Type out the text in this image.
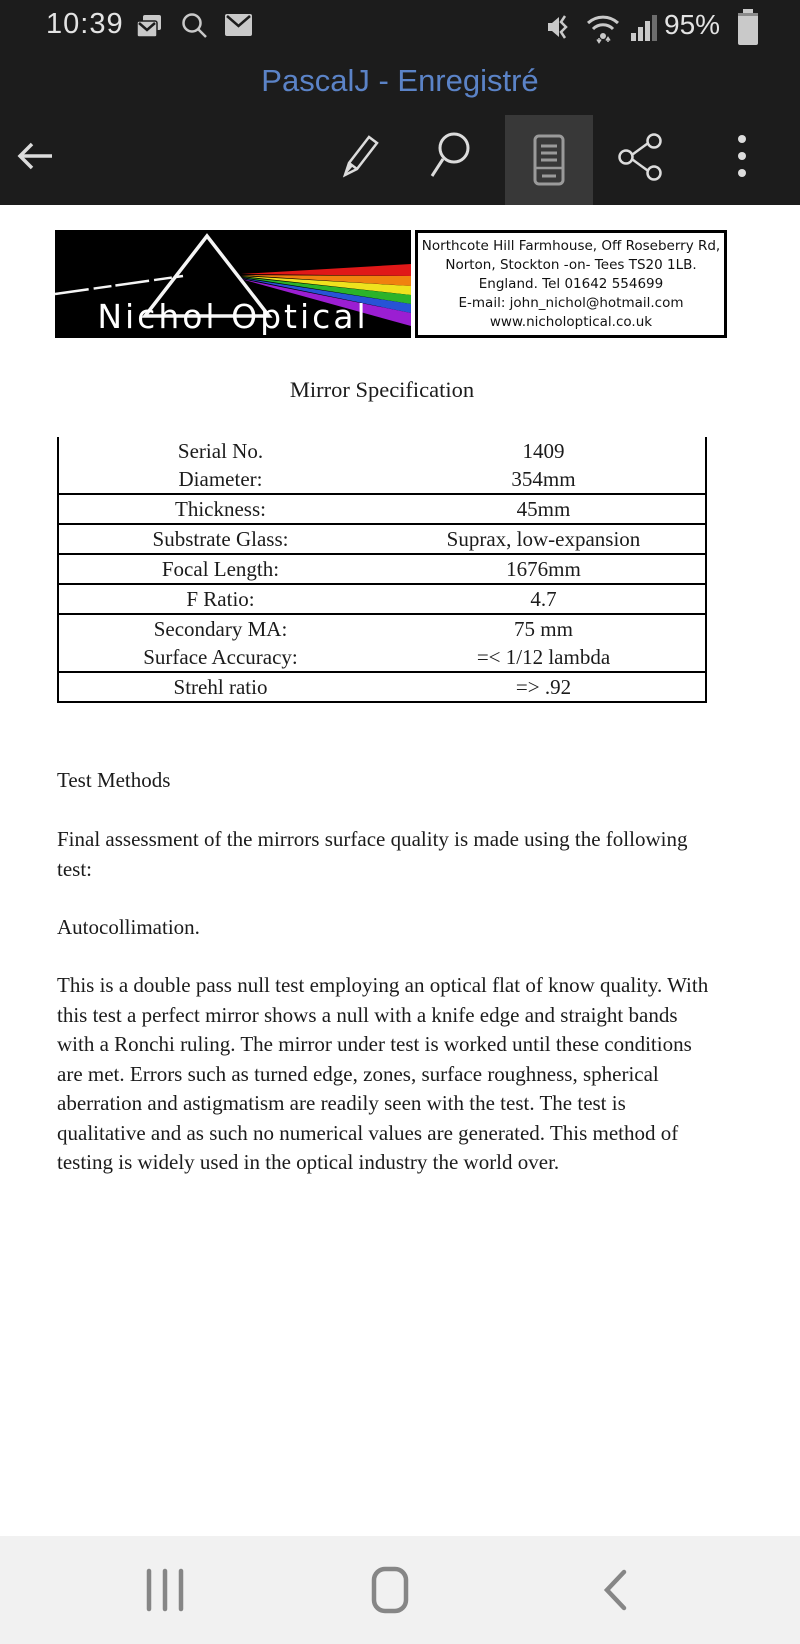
10:39	95%
PascalJ - Enregistré
Nichol Optical
Northcote Hill Farmhouse, Off Roseberry Rd,
Norton, Stockton -on- Tees TS20 1LB.
England. Tel 01642 554699
E-mail: john_nichol@hotmail.com
www.nicholoptical.co.uk
Mirror Specification
Serial No.	1409
Diameter:	354mm
Thickness:	45mm
Substrate Glass:	Suprax, low-expansion
Focal Length:	1676mm
F Ratio:	4.7
Secondary MA:	75 mm
Surface Accuracy:	=< 1/12 lambda
Strehl ratio	=> .92
Test Methods
Final assessment of the mirrors surface quality is made using the following test:
Autocollimation.
This is a double pass null test employing an optical flat of know quality. With this test a perfect mirror shows a null with a knife edge and straight bands with a Ronchi ruling. The mirror under test is worked until these conditions are met. Errors such as turned edge, zones, surface roughness, spherical aberration and astigmatism are readily seen with the test. The test is qualitative and as such no numerical values are generated. This method of testing is widely used in the optical industry the world over.
